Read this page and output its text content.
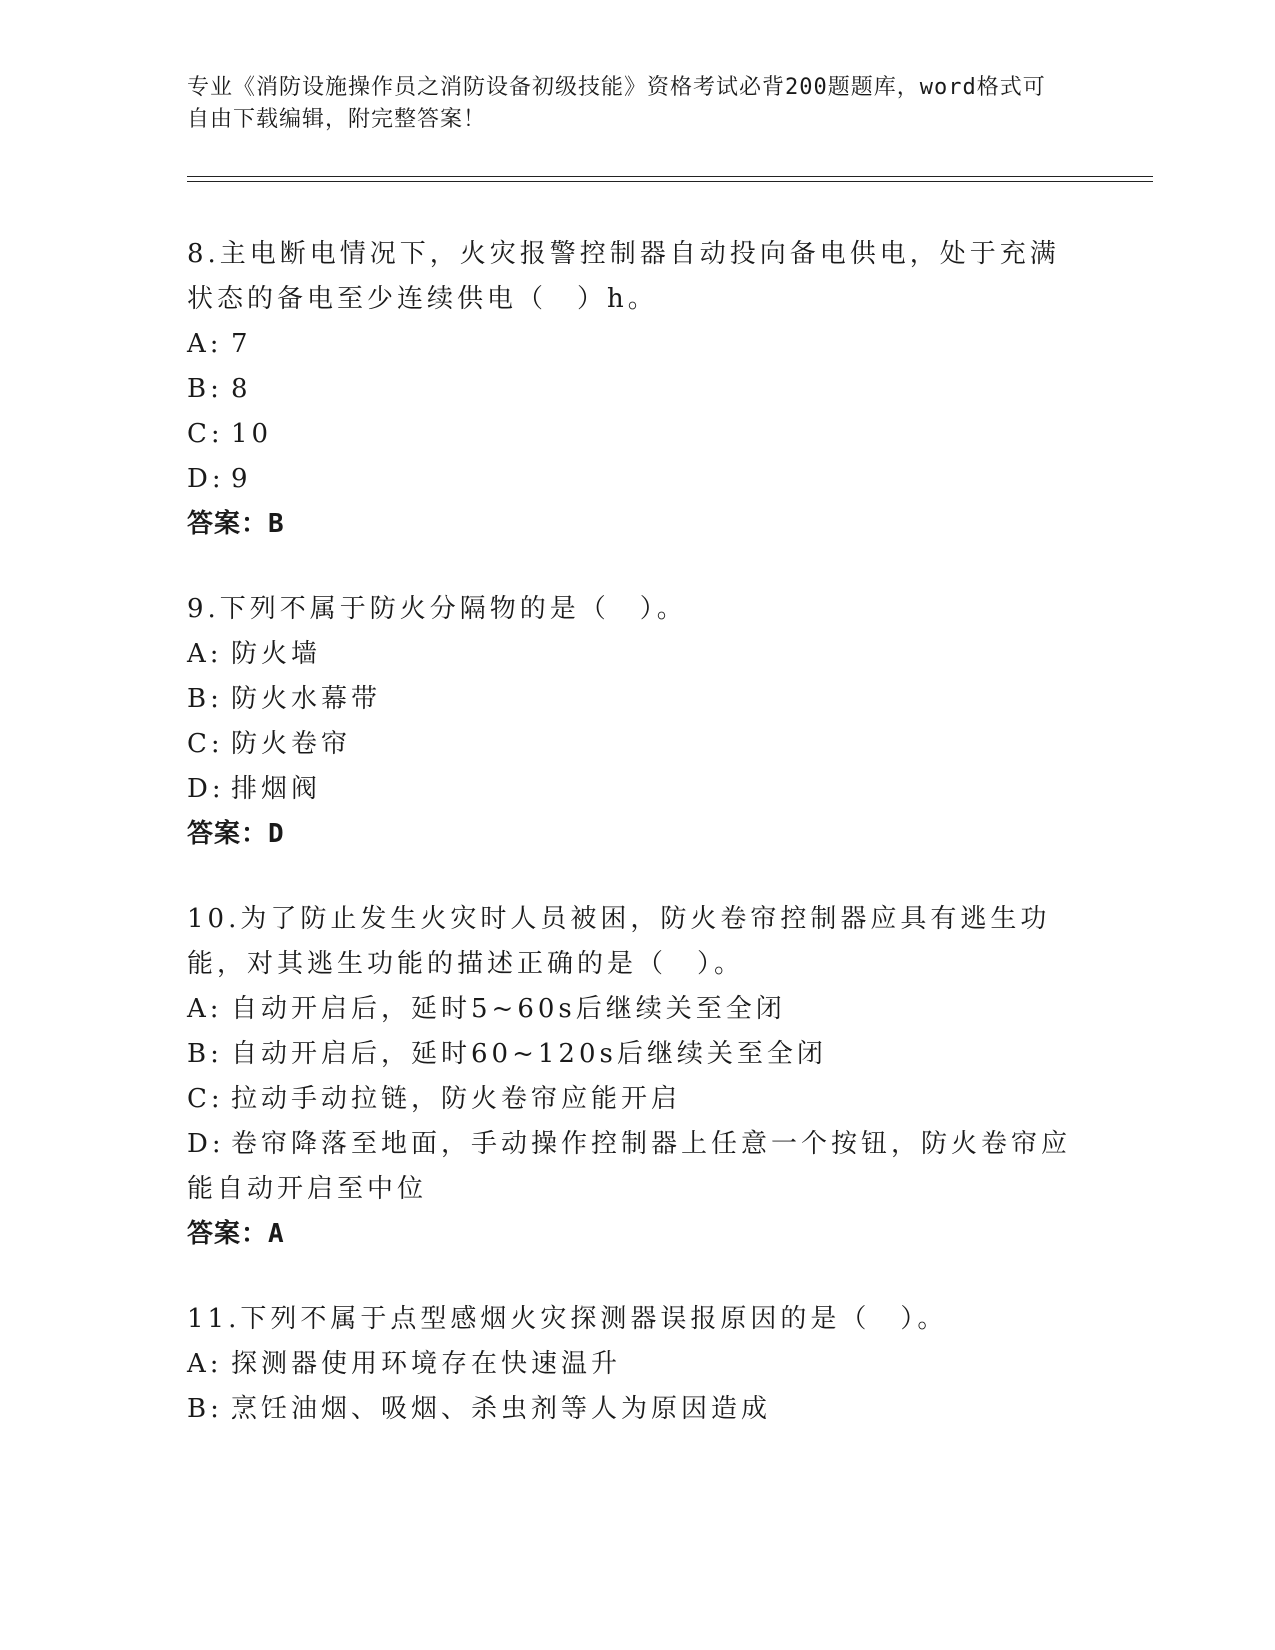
专业《消防设施操作员之消防设备初级技能》资格考试必背200题题库，word格式可自由下载编辑，附完整答案！
8.主电断电情况下，火灾报警控制器自动投向备电供电，处于充满状态的备电至少连续供电（　）h。
A: 7
B: 8
C: 10
D: 9
答案：B
9.下列不属于防火分隔物的是（　）。
A: 防火墙
B: 防火水幕带
C: 防火卷帘
D: 排烟阀
答案：D
10.为了防止发生火灾时人员被困，防火卷帘控制器应具有逃生功能，对其逃生功能的描述正确的是（　）。
A: 自动开启后，延时5~60s后继续关至全闭
B: 自动开启后，延时60~120s后继续关至全闭
C: 拉动手动拉链，防火卷帘应能开启
D: 卷帘降落至地面，手动操作控制器上任意一个按钮，防火卷帘应能自动开启至中位
答案：A
11.下列不属于点型感烟火灾探测器误报原因的是（　）。
A: 探测器使用环境存在快速温升
B: 烹饪油烟、吸烟、杀虫剂等人为原因造成
